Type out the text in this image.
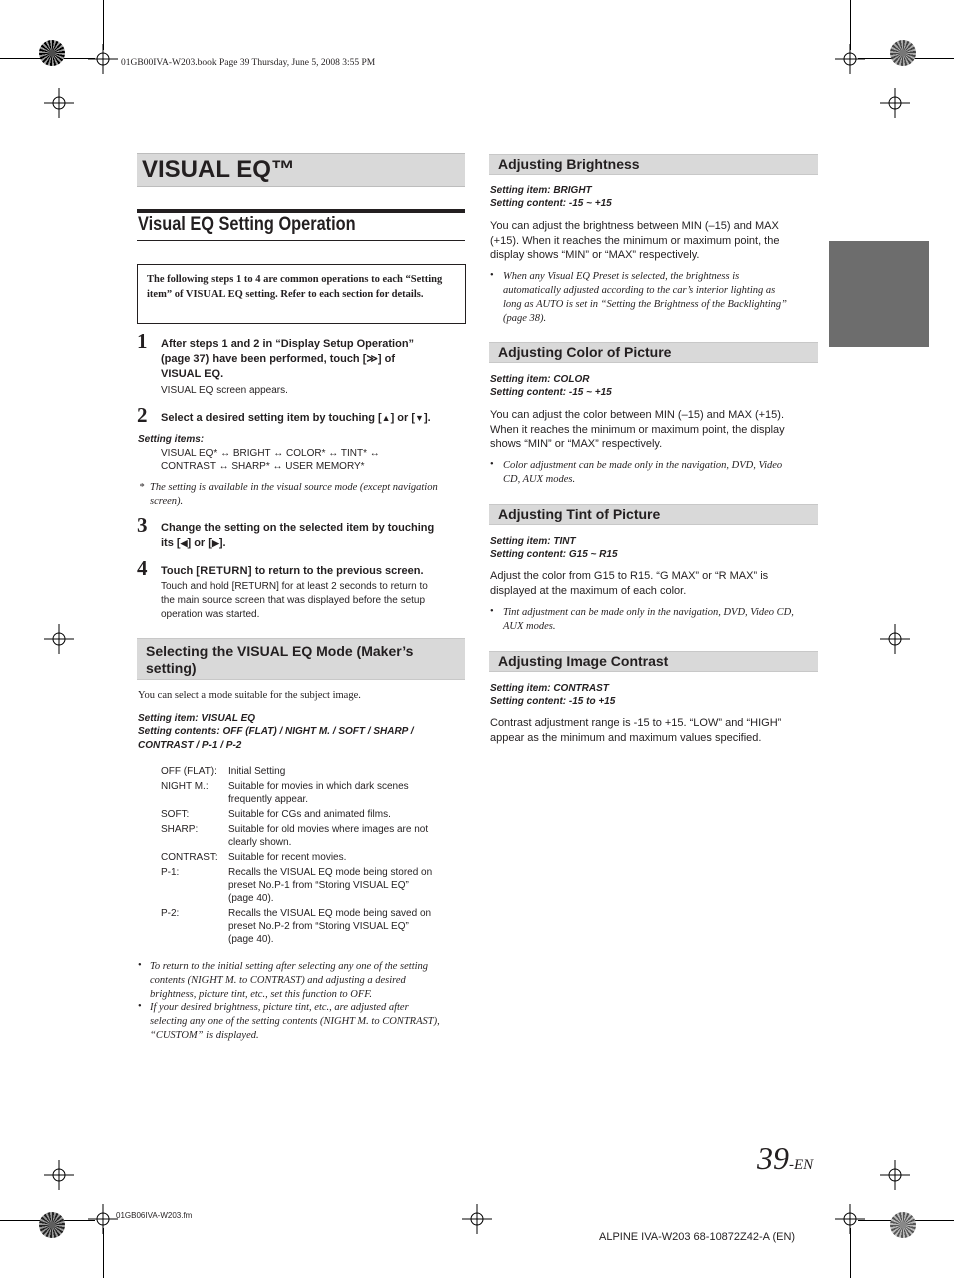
01GB00IVA-W203.book Page 39 Thursday, June 5, 2008 3:55 PM
01GB06IVA-W203.fm
VISUAL EQ™
Visual EQ Setting Operation
The following steps 1 to 4 are common operations to each “Setting item” of VISUAL EQ setting. Refer to each section for details.
1 After steps 1 and 2 in “Display Setup Operation”
(page 37) have been performed, touch [≫] of
VISUAL EQ.
VISUAL EQ screen appears.
2 Select a desired setting item by touching [▲] or [▼].
Setting items:
VISUAL EQ* ↔ BRIGHT ↔ COLOR* ↔ TINT* ↔
CONTRAST ↔ SHARP* ↔ USER MEMORY*
* The setting is available in the visual source mode (except navigation
screen).
3 Change the setting on the selected item by touching
its [◀] or [▶].
4 Touch [RETURN] to return to the previous screen.
Touch and hold [RETURN] for at least 2 seconds to return to
the main source screen that was displayed before the setup
operation was started.
Selecting the VISUAL EQ Mode (Maker’s
setting)
You can select a mode suitable for the subject image.
Setting item: VISUAL EQ
Setting contents: OFF (FLAT) / NIGHT M. / SOFT / SHARP /
CONTRAST / P-1 / P-2
OFF (FLAT): Initial Setting
NIGHT M.: Suitable for movies in which dark scenes
frequently appear.
SOFT:	Suitable for CGs and animated films.
SHARP:	Suitable for old movies where images are not
clearly shown.
CONTRAST: Suitable for recent movies.
P-1:	Recalls the VISUAL EQ mode being stored on
preset No.P-1 from “Storing VISUAL EQ”
(page 40).
P-2:	Recalls the VISUAL EQ mode being saved on
preset No.P-2 from “Storing VISUAL EQ”
(page 40).
• To return to the initial setting after selecting any one of the setting
contents (NIGHT M. to CONTRAST) and adjusting a desired
brightness, picture tint, etc., set this function to OFF.
• If your desired brightness, picture tint, etc., are adjusted after
selecting any one of the setting contents (NIGHT M. to CONTRAST),
“CUSTOM” is displayed.
Adjusting Brightness
Setting item: BRIGHT
Setting content: -15 ~ +15
You can adjust the brightness between MIN (–15) and MAX
(+15). When it reaches the minimum or maximum point, the
display shows “MIN” or “MAX” respectively.
• When any Visual EQ Preset is selected, the brightness is
automatically adjusted according to the car’s interior lighting as
long as AUTO is set in “Setting the Brightness of the Backlighting”
(page 38).
Adjusting Color of Picture
Setting item: COLOR
Setting content: -15 ~ +15
You can adjust the color between MIN (–15) and MAX (+15).
When it reaches the minimum or maximum point, the display
shows “MIN” or “MAX” respectively.
• Color adjustment can be made only in the navigation, DVD, Video
CD, AUX modes.
Adjusting Tint of Picture
Setting item: TINT
Setting content: G15 ~ R15
Adjust the color from G15 to R15. “G MAX” or “R MAX” is
displayed at the maximum of each color.
• Tint adjustment can be made only in the navigation, DVD, Video CD,
AUX modes.
Adjusting Image Contrast
Setting item: CONTRAST
Setting content: -15 to +15
Contrast adjustment range is -15 to +15. “LOW” and “HIGH”
appear as the minimum and maximum values specified.
39-EN
ALPINE IVA-W203 68-10872Z42-A (EN)
